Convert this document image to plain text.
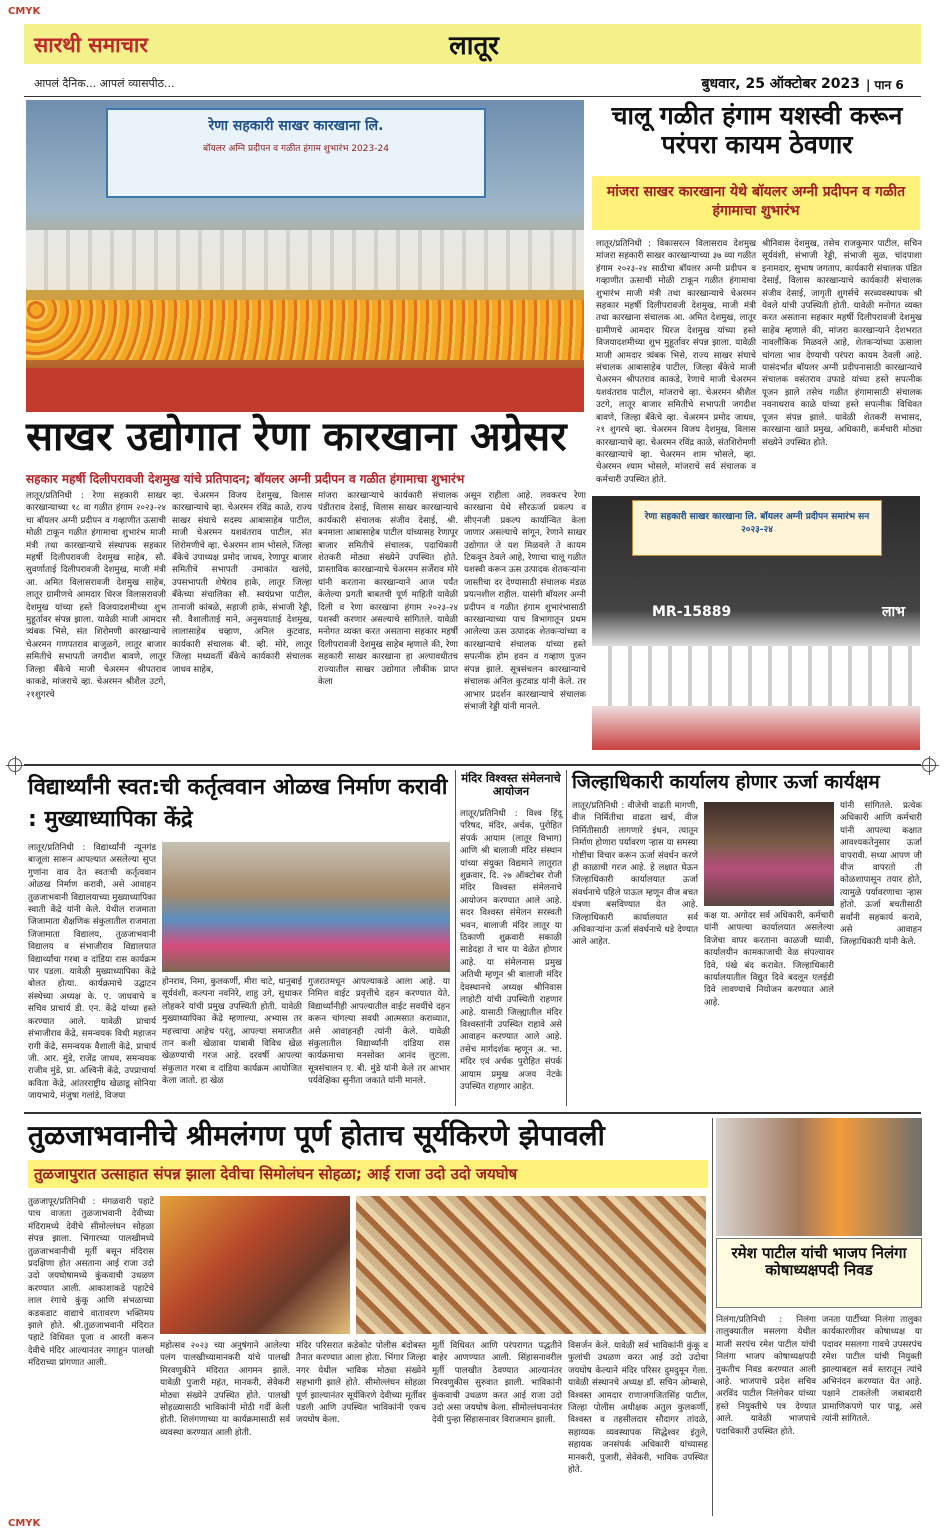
CMYK
CMYK
सारथी समाचार	लातूर
आपलं दैनिक... आपलं व्यासपीठ...	बुधवार, 25 ऑक्टोबर 2023 | पान 6
रेणा सहकारी साखर कारखाना लि.
बॉयलर अग्नि प्रदीपन व गळीत हंगाम शुभारंभ 2023-24
चालू गळीत हंगाम यशस्वी करून परंपरा कायम ठेवणार
मांजरा साखर कारखाना येथे बॉयलर अग्नी प्रदीपन व गळीत हंगामाचा शुभारंभ
लातूर/प्रतिनिधी : विकासरत्न विलासराव देशमुख मांजरा सहकारी साखर कारखान्याच्या ३७ व्या गळीत हंगाम २०२३-२४ साठीचा बॉयलर अग्नी प्रदीपन व गव्हाणीत ऊसाची मोळी टाकून गळीत हंगामाचा शुभारंभ माजी मंत्री तथा कारखान्याचे चेअरमन सहकार महर्षी दिलीपरावजी देशमुख, माजी मंत्री तथा कारखाना संचालक आ. अमित देशमुख, लातूर ग्रामीणचे आमदार धिरज देशमुख यांच्या हस्ते विजयादशमीच्या शुभ मुहूर्तावर संपन्न झाला. यावेळी माजी आमदार त्र्यंबक भिसे, राज्य साखर संघाचे संचालक आबासाहेब पाटील, जिल्हा बँकेचे माजी चेअरमन श्रीपतराव काकडे, रेणाचे माजी चेअरमन यशवंतराव पाटील, मांजराचे व्हा. चेअरमन श्रीशैल उटगे, लातूर बाजार समितीचे सभापती जगदीश बावणे, जिल्हा बँकेचे व्हा. चेअरमन प्रमोद जाधव, २१ शुगरचे व्हा. चेअरमन विजय देशमुख, विलास कारखान्याचे व्हा. चेअरमन रविंद्र काळे, संतशिरोमणी कारखान्याचे व्हा. चेअरमन शाम भोसले, व्हा. चेअरमन श्याम भोसले, मांजराचे सर्व संचालक व कर्मचारी उपस्थित होते.
श्रीनिवास देशमुख, तसेच राजकुमार पाटील, सचिन सूर्यवंशी, संभाजी रेड्डी, संभाजी सुळ, चांदपाशा इनामदार, सुभाष जगताप, कार्यकारी संचालक पंडित देसाई, विलास कारखान्याचे कार्यकारी संचालक संजीव देसाई, जागृती शुगर्सचे सरव्यवस्थापक श्री येवले यांची उपस्थिती होती. यावेळी मनोगत व्यक्त करत असताना सहकार महर्षी दिलीपरावजी देशमुख साहेब म्हणाले की, मांजरा कारखान्याने देशभरात नावलौकिक मिळवले आहे, शेतकऱ्यांच्या ऊसाला चांगला भाव देण्याची परंपरा कायम ठेवली आहे. यासंदर्भात बॉयलर अग्नी प्रदीपनासाठी कारखान्याचे संचालक वसंतराव उफाडे यांच्या हस्ते सपत्नीक पूजन झाले तसेच गळीत हंगामासाठी संचालक नवनाथराव काळे यांच्या हस्ते सपत्नीक विधिवत पूजन संपन्न झाले. यावेळी शेतकरी सभासद, कारखाना खाते प्रमुख, अधिकारी, कर्मचारी मोठ्या संख्येने उपस्थित होते.
साखर उद्योगात रेणा कारखाना अग्रेसर
सहकार महर्षी दिलीपरावजी देशमुख यांचे प्रतिपादन; बॉयलर अग्नी प्रदीपन व गळीत हंगामाचा शुभारंभ
लातूर/प्रतिनिधी : रेणा सहकारी साखर कारखान्याच्या १८ वा गळीत हंगाम २०२३-२४ चा बॉयलर अग्नी प्रदीपन व गव्हाणीत ऊसाची मोळी टाकून गळीत हंगामाचा शुभारंभ माजी मंत्री तथा कारखान्याचे संस्थापक सहकार महर्षी दिलीपरावजी देशमुख साहेब, सौ. सुवर्णाताई दिलीपरावजी देशमुख, माजी मंत्री आ. अमित विलासरावजी देशमुख साहेब, लातूर ग्रामीणचे आमदार धिरज विलासरावजी देशमुख यांच्या हस्ते विजयादशमीच्या शुभ मुहूर्तावर संपन्न झाला. यावेळी माजी आमदार त्र्यंबक भिसे, संत शिरोमणी कारखान्याचे चेअरमन गणपतराव बाजुळगे, लातूर बाजार समितीचे सभापती जगदीश बावणे, लातूर जिल्हा बँकेचे माजी चेअरमन श्रीपतराव काकडे, मांजराचे व्हा. चेअरमन श्रीशैल उटगे, २१शुगरचे
व्हा. चेअरमन विजय देशमुख, विलास कारखान्याचे व्हा. चेअरमन रविंद्र काळे, राज्य साखर संघाचे सदस्य आबासाहेब पाटील, माजी चेअरमन यशवंतराव पाटील, संत शिरोमणीचे व्हा. चेअरमन शाम भोसले, जिल्हा बँकेचे उपाध्यक्ष प्रमोद जाधव, रेणापूर बाजार समितीचे सभापती उमाकांत खलंग्रे, उपसभापती शेषेराव हाके, लातूर जिल्हा बँकेच्या संचालिका सौ. स्वयंप्रभा पाटील, तानाजी कांबळे, सहाजी हाके, संभाजी रेड्डी, सौ. वैशालीताई माने, अनुसयाताई देशमुख, लालासाहेब चव्हाण, अनिल कुटवाड, कार्यकारी संचालक बी. व्ही. मोरे, लातूर जिल्हा मध्यवर्ती बँकेचे कार्यकारी संचालक जाधव साहेब,
मांजरा कारखान्याचे कार्यकारी संचालक पंडीतराव देसाई, विलास साखर कारखान्याचे कार्यकारी संचालक संजीव देसाई, श्री. बनमाला आबासाहेब पाटील यांच्यासह रेणापूर बाजार समितीचे संचालक, पदाधिकारी शेतकरी मोठ्या संख्येने उपस्थित होते. प्रास्ताविक कारखान्याचे चेअरमन सर्जेराव मोरे यांनी करताना कारखान्याने आज पर्यंत केलेल्या प्रगती बाबतची पूर्ण माहिती यावेळी दिली व रेणा कारखाना हंगाम २०२३-२४ यशस्वी करणार असल्याचे सांगितले. यावेळी मनोगत व्यक्त करत असताना सहकार महर्षी दिलीपरावजी देशमुख साहेब म्हणाले की, रेणा सहकारी साखर कारखाना हा अल्पावधीतच राज्यातील साखर उद्योगात लौकीक प्राप्त केला
असून राहीला आहे. लवकरच रेणा कारखाना येथे सौरऊर्जा प्रकल्प व सीएनजी प्रकल्प कार्यान्वित केला जाणार असल्याचे सांगून, रेणाने साखर उद्योगात जे यश मिळवले ते कायम टिकवून ठेवले आहे, रेणाचा चालू गळीत यशस्वी करून ऊस उत्पादक शेतकऱ्यांना जास्तीचा दर देण्यासाठी संचालक मंडळ प्रयत्नशील राहील. यासंगी बॉयलर अग्नी प्रदीपन व गळीत हंगाम शुभारंभासाठी कारखान्याच्या पाच विभागातून प्रथम आलेल्या ऊस उत्पादक शेतकऱ्यांच्या व कारखान्याचे संचालक यांच्या हस्ते सपत्नीक होम हवन व गव्हाण पुजन संपन्न झाले. सूत्रसंचलन कारखान्याचे संचालक अनिल कुटवाड यांनी केले. तर आभार प्रदर्शन कारखान्याचे संचालक संभाजी रेड्डी यांनी मानले.
रेणा सहकारी साखर कारखाना लि. बॉयलर अग्नी प्रदीपन समारंभ सन २०२३-२४
MR-15889	लाभ
विद्यार्थ्यांनी स्वत:ची कर्तृत्ववान ओळख निर्माण करावी : मुख्याध्यापिका केंद्रे
लातूर/प्रतिनिधी : विद्यार्थ्यांनी न्यूनगंड बाजूला सारून आपल्यात असलेल्या सुप्त गुणांना वाव देत स्वतःची कर्तृत्ववान ओळख निर्माण करावी, असे आवाहन तुळजाभवानी विद्यालयाच्या मुख्याध्यापिका स्वाती केंद्रे यांनी केले. येथील राजमाता जिजामाता शैक्षणिक संकुलातील राजमाता जिजामाता विद्यालय, तुळजाभवानी विद्यालय व संभाजीराव विद्यालयात विद्यार्थ्यांचा गरबा व दांडिया रास कार्यक्रम पार पडला. यावेळी मुख्याध्यापिका केंद्रे बोलत होत्या. कार्यक्रमाचे उद्घाटन संस्थेच्या अध्यक्ष के. ए. जाधवाचे व सचिव प्राचार्य डी. एन. केंद्रे यांच्या हस्ते करण्यात आले. यावेळी प्राचार्य संभाजीराव केंद्रे, समन्वयक विधी महाजन रागी केंद्रे, समन्वयक वैशाली केंद्रे, प्राचार्य जी. आर. मुंडे, राजेंद्र जाधव, समन्वयक राजीव मुंडे, प्रा. अश्विनी केंद्रे, उपप्राचार्या कविता केंद्रे, आंतरराष्ट्रीय खेळाडू सोनिया जायभाये, मंजुषा गलांडे, विजया
होनराव, निमा, कुलकर्णी, मीरा चाटे, धानुबाई सूर्यवंशी, कल्पना नवनिरे, शाहु उगे, सुधाकर लोहकरे यांची प्रमुख उपस्थिती होती. यावेळी मुख्याध्यापिका केंद्रे म्हणाल्या, अभ्यास तर महत्त्वाचा आहेच परंतु, आपल्या समाजरीत तान कशी खेळावा याबाबी विविध खेळ खेळण्याची गरज आहे. दरवर्षी आपल्या संकुलात गरबा व दांडिया कार्यक्रम आयोजित केला जातो. हा खेळ
गुजरातमधून आपल्याकडे आला आहे. या निमित्त वाईट प्रवृत्तीचे दहन करण्यात येते. विद्यार्थ्यांनीही आपल्यातील वाईट सवयींचे दहन करून चांगल्या सवयी आत्मसात कराव्यात, असे आवाहनही त्यांनी केले. यावेळी संकुलातील विद्यार्थ्यांनी दांडिया रास कार्यक्रमाचा मनसोक्त आनंद लुटला. सूत्रसंचालन ए. बी. मुंडे यांनी केले तर आभार पर्यवेक्षिका सुनीता जकाते यांनी मानले.
मंदिर विश्वस्त संमेलनाचे आयोजन
लातूर/प्रतिनिधी : विश्व हिंदू परिषद, मंदिर, अर्चक, पुरोहित संपर्क आयाम (लातूर विभाग) आणि श्री बालाजी मंदिर संस्थान यांच्या संयुक्त विद्यमाने लातूरात शुक्रवार, दि. २७ ऑक्टोबर रोजी मंदिर विश्वस्त संमेलनाचे आयोजन करण्यात आले आहे. सदर विश्वस्त संमेलन सरस्वती भवन, बालाजी मंदिर लातूर या ठिकाणी शुक्रवारी सकाळी साडेदहा ते चार या वेळेत होणार आहे. या संमेलनास प्रमुख अतिथी म्हणून श्री बालाजी मंदिर देवस्थानचे अध्यक्ष श्रीनिवास लाहोटी यांची उपस्थिती राहणार आहे. यासाठी जिल्ह्यातील मंदिर विश्वस्तांनी उपस्थित राहावे असे आवाहन करण्यात आले आहे. तसेच मार्गदर्शक म्हणून अ. भा. मंदिर एवं अर्चक पुरोहित संपर्क आयाम प्रमुख अजय नेटके उपस्थित राहणार आहेत.
जिल्हाधिकारी कार्यालय होणार ऊर्जा कार्यक्षम
लातूर/प्रतिनिधी : वीजेची वाढती मागणी, वीज निर्मितीचा वाढता खर्च, वीज निर्मितीसाठी लागणारे इंधन, त्यातून निर्माण होणारा पर्यावरण ऱ्हास या समस्या गोष्टींचा विचार करून ऊर्जा संवर्धन करणे ही काळाची गरज आहे. हे लक्षात घेऊन जिल्हाधिकारी कार्यालयात ऊर्जा संवर्धनाचे पहिले पाऊल म्हणून वीज बचत यंत्रणा बसविण्यात येत आहे. जिल्हाधिकारी कार्यालयात सर्व अधिकाऱ्यांना ऊर्जा संवर्धनाचे धडे देण्यात आले आहेत.
कक्ष या. अगोदर सर्व अधिकारी, कर्मचारी यांनी आपल्या कार्यालयात असलेल्या विजेचा वापर करताना काळजी घ्यावी, कार्यालयीन कामकाजाची वेळ संपल्यावर दिवे, पंखे बंद करावेत. जिल्हाधिकारी कार्यालयातील विद्युत दिवे बदलून एलईडी दिवे लावण्याचे नियोजन करण्यात आले आहे.
यांनी सांगितले. प्रत्येक अधिकारी आणि कर्मचारी यांनी आपल्या कक्षात आवश्यकतेनुसार ऊर्जा वापरावी. सध्या आपण जी वीज वापरतो ती कोळशापासून तयार होते, त्यामुळे पर्यावरणाचा ऱ्हास होतो. ऊर्जा बचतीसाठी सर्वांनी सहकार्य करावे, असे आवाहन जिल्हाधिकारी यांनी केले.
तुळजाभवानीचे श्रीमलंगण पूर्ण होताच सूर्यकिरणे झेपावली
तुळजापुरात उत्साहात संपन्न झाला देवीचा सिमोलंघन सोहळा; आई राजा उदो उदो जयघोष
तुळजापूर/प्रतिनिधी : मंगळवारी पहाटे पाच वाजता तुळजाभवानी देवीच्या मंदिरामध्ये देवीचे सीमोल्लंघन सोहळा संपन्न झाला. भिंगारच्या पालखीमध्ये तुळजाभवानीची मूर्ती बसून मंदिरास प्रदक्षिणा होत असताना आई राजा उदो उदो जयघोषामध्ये कुंकवाची उधळण करण्यात आली. आकाशाकडे पहाटेचे लाल रंगाचे कुंकू आणि संभळाच्या कडकडाट वाद्याचे वातावरण भक्तिमय झाले होते. श्री.तुळजाभवानी मंदिरात पहाटे विधिवत पूजा व आरती करून देवीचे मंदिर आल्यानंतर नगाहून पालखी मंदिराच्या प्रांगणात आली.
महोत्सव २०२३ च्या अनुषंगाने आलेल्या पलंग पालखीच्यामानकरी यांचे पालखी मिरवणुकीने मंदिरात आगमन झाले. यावेळी पुजारी महंत, मानकरी, सेवेकरी मोठ्या संख्येने उपस्थित होते. पालखी सोहळ्यासाठी भाविकांनी मोठी गर्दी केली होती. शिलंगणाच्या या कार्यक्रमासाठी सर्व व्यवस्था करण्यात आली होती.
मंदिर परिसरात कडेकोट पोलीस बंदोबस्त तैनात करण्यात आला होता. भिंगार जिल्हा नगर येथील भाविक मोठ्या संख्येने सहभागी झाले होते. सीमोल्लंघन सोहळा पूर्ण झाल्यानंतर सूर्यकिरणे देवीच्या मूर्तीवर पडली आणि उपस्थित भाविकांनी एकच जयघोष केला.
मूर्ती विधिवत आणि परंपरागत पद्धतीने बाहेर आणण्यात आली. सिंहासनावरील मूर्ती पालखीत ठेवण्यात आल्यानंतर मिरवणुकीस सुरुवात झाली. भाविकांनी कुंकवाची उधळण करत आई राजा उदो उदो असा जयघोष केला. सीमोल्लंघनानंतर देवी पुन्हा सिंहासनावर विराजमान झाली.
विसर्जन केले. यावेळी सर्व भाविकांनी कुंकू व फुलांची उधळण करत आई उदो उदोचा जयघोष केल्याने मंदिर परिसर दुमदुमून गेला. यावेळी संस्थानचे अध्यक्ष डॉ. सचिन ओम्बासे, विश्वस्त आमदार राणाजगजितसिंह पाटील, जिल्हा पोलीस अधीक्षक अतुल कुलकर्णी, विश्वस्त व तहसीलदार सौदागर तांदळे, सहाय्यक व्यवस्थापक सिद्धेश्वर इंतुले, सहायक जनसंपर्क अधिकारी यांच्यासह मानकरी, पुजारी, सेवेकरी, भाविक उपस्थित होते.
रमेश पाटील यांची भाजप निलंगा कोषाध्यक्षपदी निवड
निलंगा/प्रतिनिधी : निलंगा तालुक्यातील मसलगा येथील माजी सरपंच रमेश पाटील यांची निलंगा भाजप कोषाध्यक्षपदी नुकतीच निवड करण्यात आली आहे. भाजपाचे प्रदेश सचिव अरविंद पाटील निलंगेकर यांच्या हस्ते नियुक्तीचे पत्र देण्यात आले. यावेळी भाजपाचे पदाधिकारी उपस्थित होते.
जनता पार्टीच्या निलंगा तालुका कार्यकारणीवर कोषाध्यक्ष या पदावर मसलगा गावचे उपसरपंच रमेश पाटील यांची नियुक्ती झाल्याबद्दल सर्व स्तरातून त्यांचे अभिनंदन करण्यात येत आहे. पक्षाने टाकलेली जबाबदारी प्रामाणिकपणे पार पाडू, असे त्यांनी सांगितले.
